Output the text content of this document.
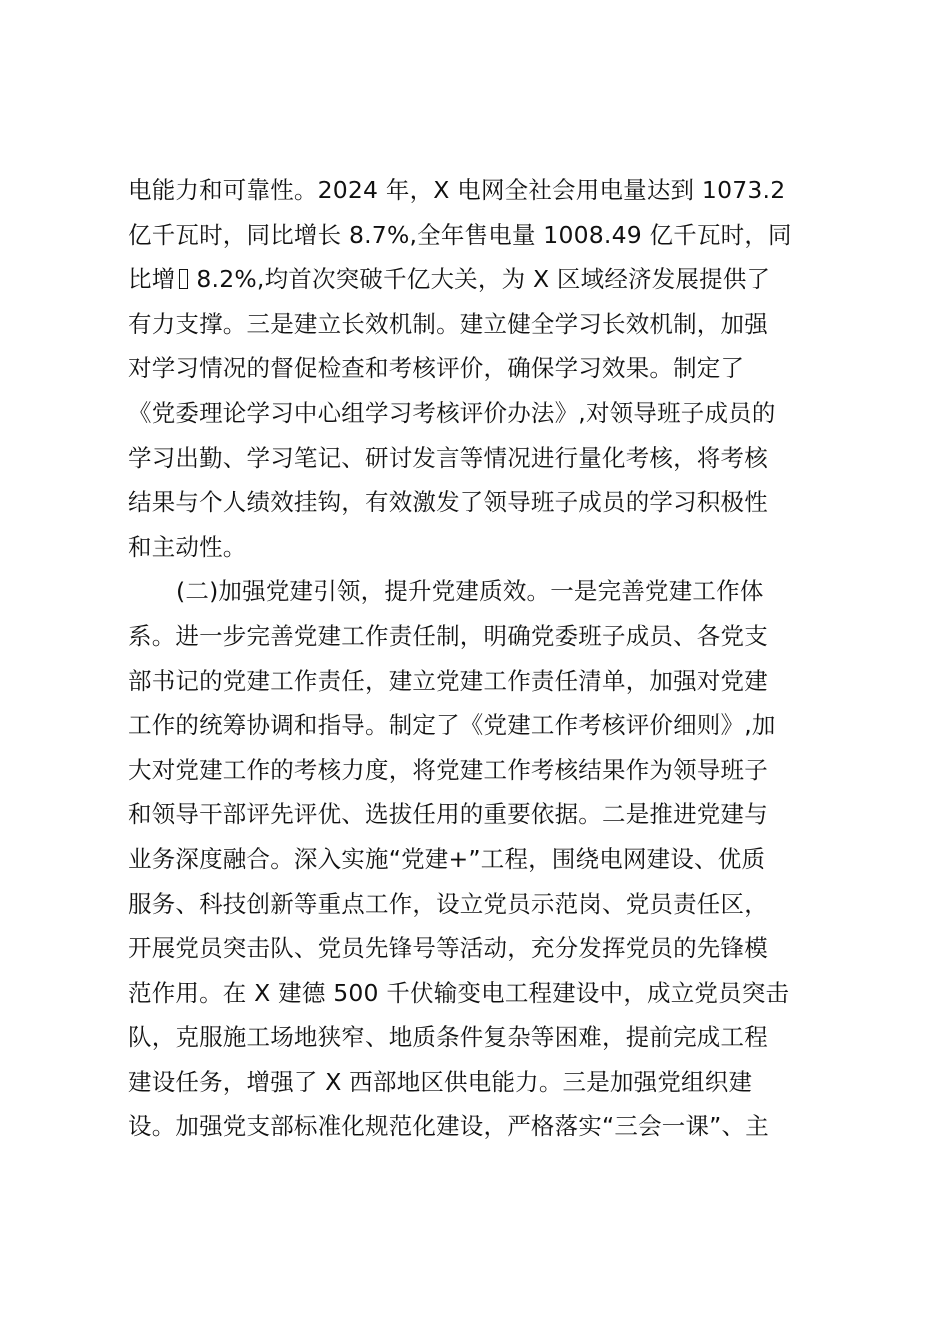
电能力和可靠性。2024 年，X 电网全社会用电量达到 1073.2
亿千瓦时，同比增长 8.7%,全年售电量 1008.49 亿千瓦时，同
比增 8.2%,均首次突破千亿大关，为 X 区域经济发展提供了
有力支撑。三是建立长效机制。建立健全学习长效机制，加强
对学习情况的督促检查和考核评价，确保学习效果。制定了
《党委理论学习中心组学习考核评价办法》,对领导班子成员的
学习出勤、学习笔记、研讨发言等情况进行量化考核，将考核
结果与个人绩效挂钩，有效激发了领导班子成员的学习积极性
和主动性。
(二)加强党建引领，提升党建质效。一是完善党建工作体
系。进一步完善党建工作责任制，明确党委班子成员、各党支
部书记的党建工作责任，建立党建工作责任清单，加强对党建
工作的统筹协调和指导。制定了《党建工作考核评价细则》,加
大对党建工作的考核力度，将党建工作考核结果作为领导班子
和领导干部评先评优、选拔任用的重要依据。二是推进党建与
业务深度融合。深入实施“党建+”工程，围绕电网建设、优质
服务、科技创新等重点工作，设立党员示范岗、党员责任区，
开展党员突击队、党员先锋号等活动，充分发挥党员的先锋模
范作用。在 X 建德 500 千伏输变电工程建设中，成立党员突击
队，克服施工场地狭窄、地质条件复杂等困难，提前完成工程
建设任务，增强了 X 西部地区供电能力。三是加强党组织建
设。加强党支部标准化规范化建设，严格落实“三会一课”、主
